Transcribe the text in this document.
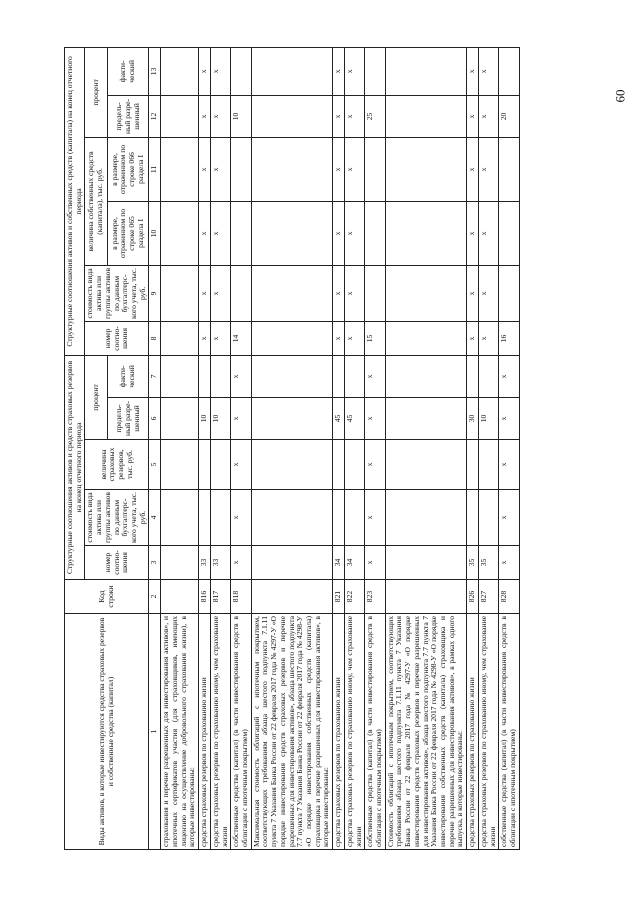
60
Виды активов, в которые инвестируются средства страховых резервов и собственные средства (капитал)	Код строки	Структурные соотношения активов и средств страховых резервов на конец отчетного периода					Структурные соотношения активов и собственных средств (капитала) на конец отчетного периода					
		номер соотно-шения	стоимость вида актива или группы активов по данным бухгалтерс-кого учета, тыс. руб.	величина страховых резервов, тыс. руб.	процент		номер соотно-шения	стоимость вида актива или группы активов по данным бухгалтерс-кого учета, тыс. руб.	величина собственных средств (капитала), тыс. руб.		процент	
					предель-ный разре-шенный	факти-ческий			в размере, отраженном по строке 065 раздела I	в размере, отраженном по строке 066 раздела I	предель-ный разре-шенный	факти-ческий
1	2	3	4	5	6	7	8	9	10	11	12	13
страхования и перечне разрешенных для инвестирования активов», и ипотечных сертификатов участия (для страховщиков, имеющих лицензию на осуществление добровольного страхования жизни), в которые инвестированы:												
средства страховых резервов по страхованию жизни	816	33			10		x	x	x	x	x	x
средства страховых резервов по страхованию иному, чем страхование жизни	817	33			10		x	x	x	x	x	x
собственные средства (капитал) (в части инвестирования средств в облигации с ипотечным покрытием)	818	x	x	x	x	x	14				10	
Максимальная стоимость облигаций с ипотечным покрытием, соответствующих требованиям абзаца шестого подпункта 7.1.11 пункта 7 Указания Банка России от 22 февраля 2017 года № 4297-У «О порядке инвестирования средств страховых резервов и перечне разрешенных для инвестирования активов», абзаца шестого подпункта 7.7 пункта 7 Указания Банка России от 22 февраля 2017 года № 4298-У «О порядке инвестирования собственных средств (капитала) страховщика и перечне разрешенных для инвестирования активов», в которые инвестированы:												
средства страховых резервов по страхованию жизни	821	34			45		x	x	x	x	x	x
средства страховых резервов по страхованию иному, чем страхование жизни	822	34			45		x	x	x	x	x	x
собственные средства (капитал) (в части инвестирования средств в облигации с ипотечным покрытием)	823	x	x	x	x	x	15				25	
Стоимость облигаций с ипотечным покрытием, соответствующих требованиям абзаца шестого подпункта 7.1.11 пункта 7 Указания Банка России от 22 февраля 2017 года № 4297-У «О порядке инвестирования средств страховых резервов и перечне разрешенных для инвестирования активов», абзаца шестого подпункта 7.7 пункта 7 Указания Банка России от 22 февраля 2017 года № 4298-У «О порядке инвестирования собственных средств (капитала) страховщика и перечне разрешенных для инвестирования активов», в рамках одного выпуска, в которые инвестированы:												
средства страховых резервов по страхованию жизни	826	35			30		x	x	x	x	x	x
средства страховых резервов по страхованию иному, чем страхование жизни	827	35			10		x	x	x	x	x	x
собственные средства (капитал) (в части инвестирования средств в облигации с ипотечным покрытием)	828	x	x	x	x	x	16				20	
